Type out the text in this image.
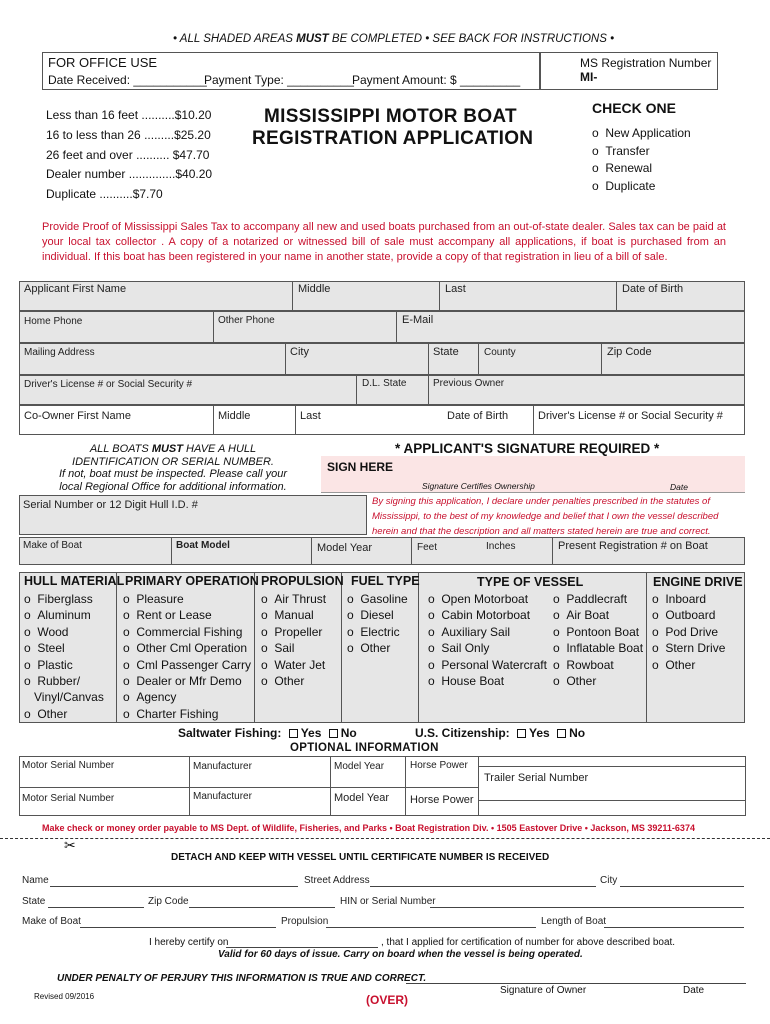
• ALL SHADED AREAS MUST BE COMPLETED • SEE BACK FOR INSTRUCTIONS •
FOR OFFICE USE
Date Received: ___________
Payment Type: __________
Payment Amount: $ _________
MS Registration Number
MI-
Less than 16 feet ..........$10.20
16 to less than 26 .........$25.20
26 feet and over .......... $47.70
Dealer number ..............$40.20
Duplicate ..........$7.70
MISSISSIPPI MOTOR BOAT
REGISTRATION APPLICATION
CHECK ONE
o  New Application
o  Transfer
o  Renewal
o  Duplicate
Provide Proof of Mississippi Sales Tax to accompany all new and used boats purchased from an out-of-state dealer. Sales tax can be paid at your local tax collector . A copy of a notarized or witnessed bill of sale must accompany all applications, if boat is purchased from an individual. If this boat has been registered in your name in another state, provide a copy of that registration in lieu of a bill of sale.
Applicant First Name	Middle	Last	Date of Birth
Home Phone	Other Phone	E-Mail
Mailing Address	City	State	County	Zip Code
Driver's License # or Social Security #	D.L. State	Previous Owner
Co-Owner First Name	Middle	Last	Date of Birth	Driver's License # or Social Security #
ALL BOATS MUST HAVE A HULL
IDENTIFICATION OR SERIAL NUMBER.
If not, boat must be inspected. Please call your
local Regional Office for additional information.
* APPLICANT'S SIGNATURE REQUIRED *
SIGN HERE
Signature Certifies Ownership	Date
By signing this application, I declare under penalties prescribed in the statutes of
Mississippi, to the best of my knowledge and belief that I own the vessel described
herein and that the description and all matters stated herein are true and correct.
Serial Number or 12 Digit Hull I.D. #
Make of Boat	Boat Model	Model Year	Feet	Inches	Present Registration # on Boat
HULL MATERIAL
o  Fiberglass
o  Aluminum
o  Wood
o  Steel
o  Plastic
o  Rubber/
Vinyl/Canvas
o  Other
PRIMARY OPERATION
o  Pleasure
o  Rent or Lease
o  Commercial Fishing
o  Other Cml Operation
o  Cml Passenger Carry
o  Dealer or Mfr Demo
o  Agency
o  Charter Fishing
PROPULSION
o  Air Thrust
o  Manual
o  Propeller
o  Sail
o  Water Jet
o  Other
FUEL TYPE
o  Gasoline
o  Diesel
o  Electric
o  Other
TYPE OF VESSEL
o  Open Motorboat
o  Cabin Motorboat
o  Auxiliary Sail
o  Sail Only
o  Personal Watercraft
o  House Boat
o  Paddlecraft
o  Air Boat
o  Pontoon Boat
o  Inflatable Boat
o  Rowboat
o  Other
ENGINE DRIVE
o  Inboard
o  Outboard
o  Pod Drive
o  Stern Drive
o  Other
Saltwater Fishing: Yes No	U.S. Citizenship: Yes No
OPTIONAL INFORMATION
Motor Serial Number	Manufacturer	Model Year	Horse Power
Trailer Serial Number
Motor Serial Number	Manufacturer	Model Year Horse Power
Make check or money order payable to MS Dept. of Wildlife, Fisheries, and Parks • Boat Registration Div. • 1505 Eastover Drive • Jackson, MS 39211-6374
✂
DETACH AND KEEP WITH VESSEL UNTIL CERTIFICATE NUMBER IS RECEIVED
Name	Street Address	City
State	Zip Code	HIN or Serial Number
Make of Boat	Propulsion	Length of Boat
I hereby certify on	, that I applied for certification of number for above described boat.
Valid for 60 days of issue. Carry on board when the vessel is being operated.
UNDER PENALTY OF PERJURY THIS INFORMATION IS TRUE AND CORRECT.
Signature of Owner	Date
Revised 09/2016	(OVER)
